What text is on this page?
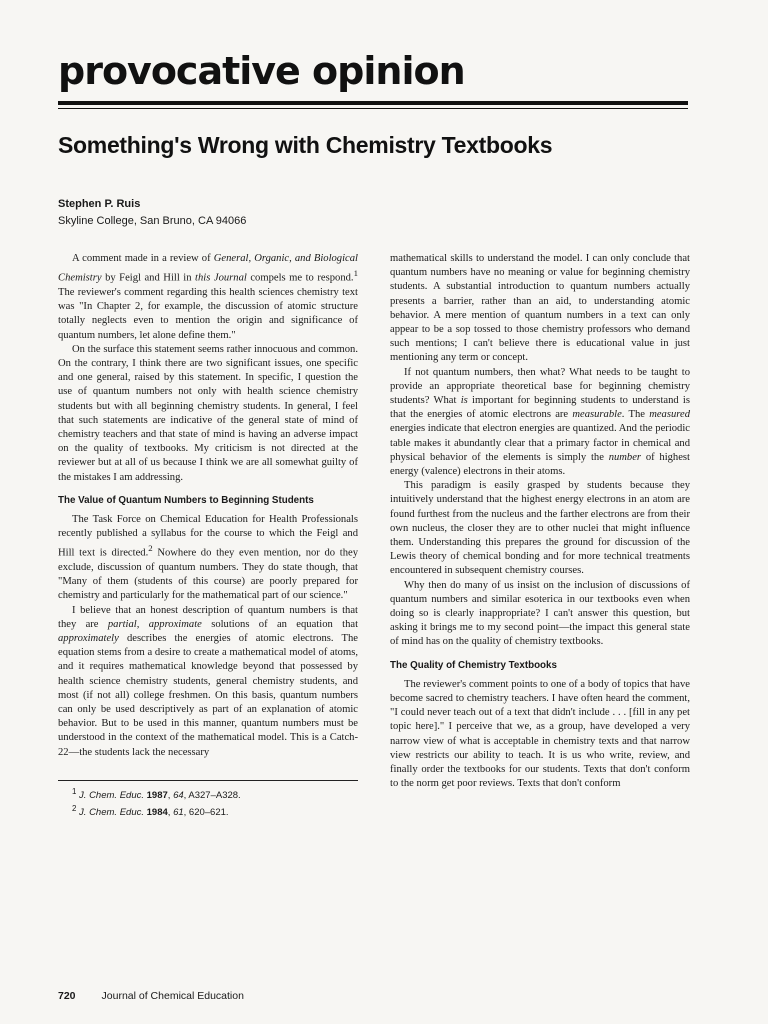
provocative opinion
Something's Wrong with Chemistry Textbooks

Stephen P. Ruis

Skyline College, San Bruno, CA 94066

A comment made in a review of General, Organic, and Biological Chemistry by Feigl and Hill in this Journal compels me to respond.$^1$ The reviewer's comment regarding this health sciences chemistry text was "In Chapter 2, for example, the discussion of atomic structure totally neglects even to mention the origin and significance of quantum numbers, let alone define them."

On the surface this statement seems rather innocuous and common. On the contrary, I think there are two significant issues, one specific and one general, raised by this statement. In specific, I question the use of quantum numbers not only with health science chemistry students but with all beginning chemistry students. In general, I feel that such statements are indicative of the general state of mind of chemistry teachers and that state of mind is having an adverse impact on the quality of textbooks. My criticism is not directed at the reviewer but at all of us because I think we are all somewhat guilty of the mistakes I am addressing.

The Value of Quantum Numbers to Beginning Students

The Task Force on Chemical Education for Health Professionals recently published a syllabus for the course to which the Feigl and Hill text is directed.$^2$ Nowhere do they even mention, nor do they exclude, discussion of quantum numbers. They do state though, that "Many of them (students of this course) are poorly prepared for chemistry and particularly for the mathematical part of our science."

I believe that an honest description of quantum numbers is that they are partial, approximate solutions of an equation that approximately describes the energies of atomic electrons. The equation stems from a desire to create a mathematical model of atoms, and it requires mathematical knowledge beyond that possessed by health science chemistry students, general chemistry students, and most (if not all) college freshmen. On this basis, quantum numbers can only be used descriptively as part of an explanation of atomic behavior. But to be used in this manner, quantum numbers must be understood in the context of the mathematical model. This is a Catch-22—the students lack the necessary

mathematical skills to understand the model. I can only conclude that quantum numbers have no meaning or value for beginning chemistry students. A substantial introduction to quantum numbers actually presents a barrier, rather than an aid, to understanding atomic behavior. A mere mention of quantum numbers in a text can only appear to be a sop tossed to those chemistry professors who demand such mentions; I can't believe there is educational value in just mentioning any term or concept.

If not quantum numbers, then what? What needs to be taught to provide an appropriate theoretical base for beginning chemistry students? What is important for beginning students to understand is that the energies of atomic electrons are measurable. The measured energies indicate that electron energies are quantized. And the periodic table makes it abundantly clear that a primary factor in chemical and physical behavior of the elements is simply the number of highest energy (valence) electrons in their atoms.

This paradigm is easily grasped by students because they intuitively understand that the highest energy electrons in an atom are found furthest from the nucleus and the farther electrons are from their own nucleus, the closer they are to other nuclei that might influence them. Understanding this prepares the ground for discussion of the Lewis theory of chemical bonding and for more technical treatments encountered in subsequent chemistry courses.

Why then do many of us insist on the inclusion of discussions of quantum numbers and similar esoterica in our textbooks even when doing so is clearly inappropriate? I can't answer this question, but asking it brings me to my second point—the impact this general state of mind has on the quality of chemistry textbooks.

The Quality of Chemistry Textbooks

The reviewer's comment points to one of a body of topics that have become sacred to chemistry teachers. I have often heard the comment, "I could never teach out of a text that didn't include . . . [fill in any pet topic here]." I perceive that we, as a group, have developed a very narrow view of what is acceptable in chemistry texts and that narrow view restricts our ability to teach. It is us who write, review, and finally order the textbooks for our students. Texts that don't conform to the norm get poor reviews. Texts that don't conform

$^1$ J. Chem. Educ. 1987, 64, A327–A328.
$^2$ J. Chem. Educ. 1984, 61, 620–621.
720 Journal of Chemical Education
